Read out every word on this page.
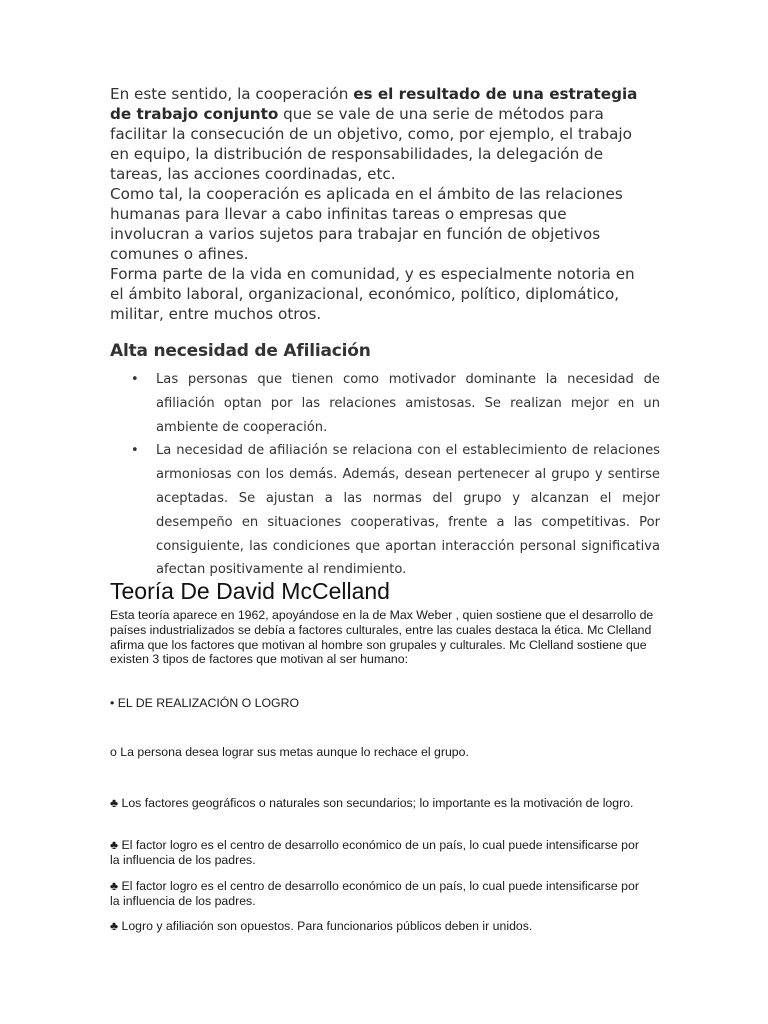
En este sentido, la cooperación es el resultado de una estrategia de trabajo conjunto que se vale de una serie de métodos para facilitar la consecución de un objetivo, como, por ejemplo, el trabajo en equipo, la distribución de responsabilidades, la delegación de tareas, las acciones coordinadas, etc.
Como tal, la cooperación es aplicada en el ámbito de las relaciones humanas para llevar a cabo infinitas tareas o empresas que involucran a varios sujetos para trabajar en función de objetivos comunes o afines.

Forma parte de la vida en comunidad, y es especialmente notoria en el ámbito laboral, organizacional, económico, político, diplomático, militar, entre muchos otros.

Alta necesidad de Afiliación
• Las personas que tienen como motivador dominante la necesidad de afiliación optan por las relaciones amistosas. Se realizan mejor en un ambiente de cooperación.
• La necesidad de afiliación se relaciona con el establecimiento de relaciones armoniosas con los demás. Además, desean pertenecer al grupo y sentirse aceptadas. Se ajustan a las normas del grupo y alcanzan el mejor desempeño en situaciones cooperativas, frente a las competitivas. Por consiguiente, las condiciones que aportan interacción personal significativa afectan positivamente al rendimiento.
Teoría De David McCelland

Esta teoría aparece en 1962, apoyándose en la de Max Weber , quien sostiene que el desarrollo de países industrializados se debía a factores culturales, entre las cuales destaca la ética. Mc Clelland afirma que los factores que motivan al hombre son grupales y culturales. Mc Clelland sostiene que existen 3 tipos de factores que motivan al ser humano:

• EL DE REALIZACIÓN O LOGRO

o La persona desea lograr sus metas aunque lo rechace el grupo.

♣ Los factores geográficos o naturales son secundarios; lo importante es la motivación de logro.

♣ El factor logro es el centro de desarrollo económico de un país, lo cual puede intensificarse por la influencia de los padres.

♣ El factor logro es el centro de desarrollo económico de un país, lo cual puede intensificarse por la influencia de los padres.

♣ Logro y afiliación son opuestos. Para funcionarios públicos deben ir unidos.
